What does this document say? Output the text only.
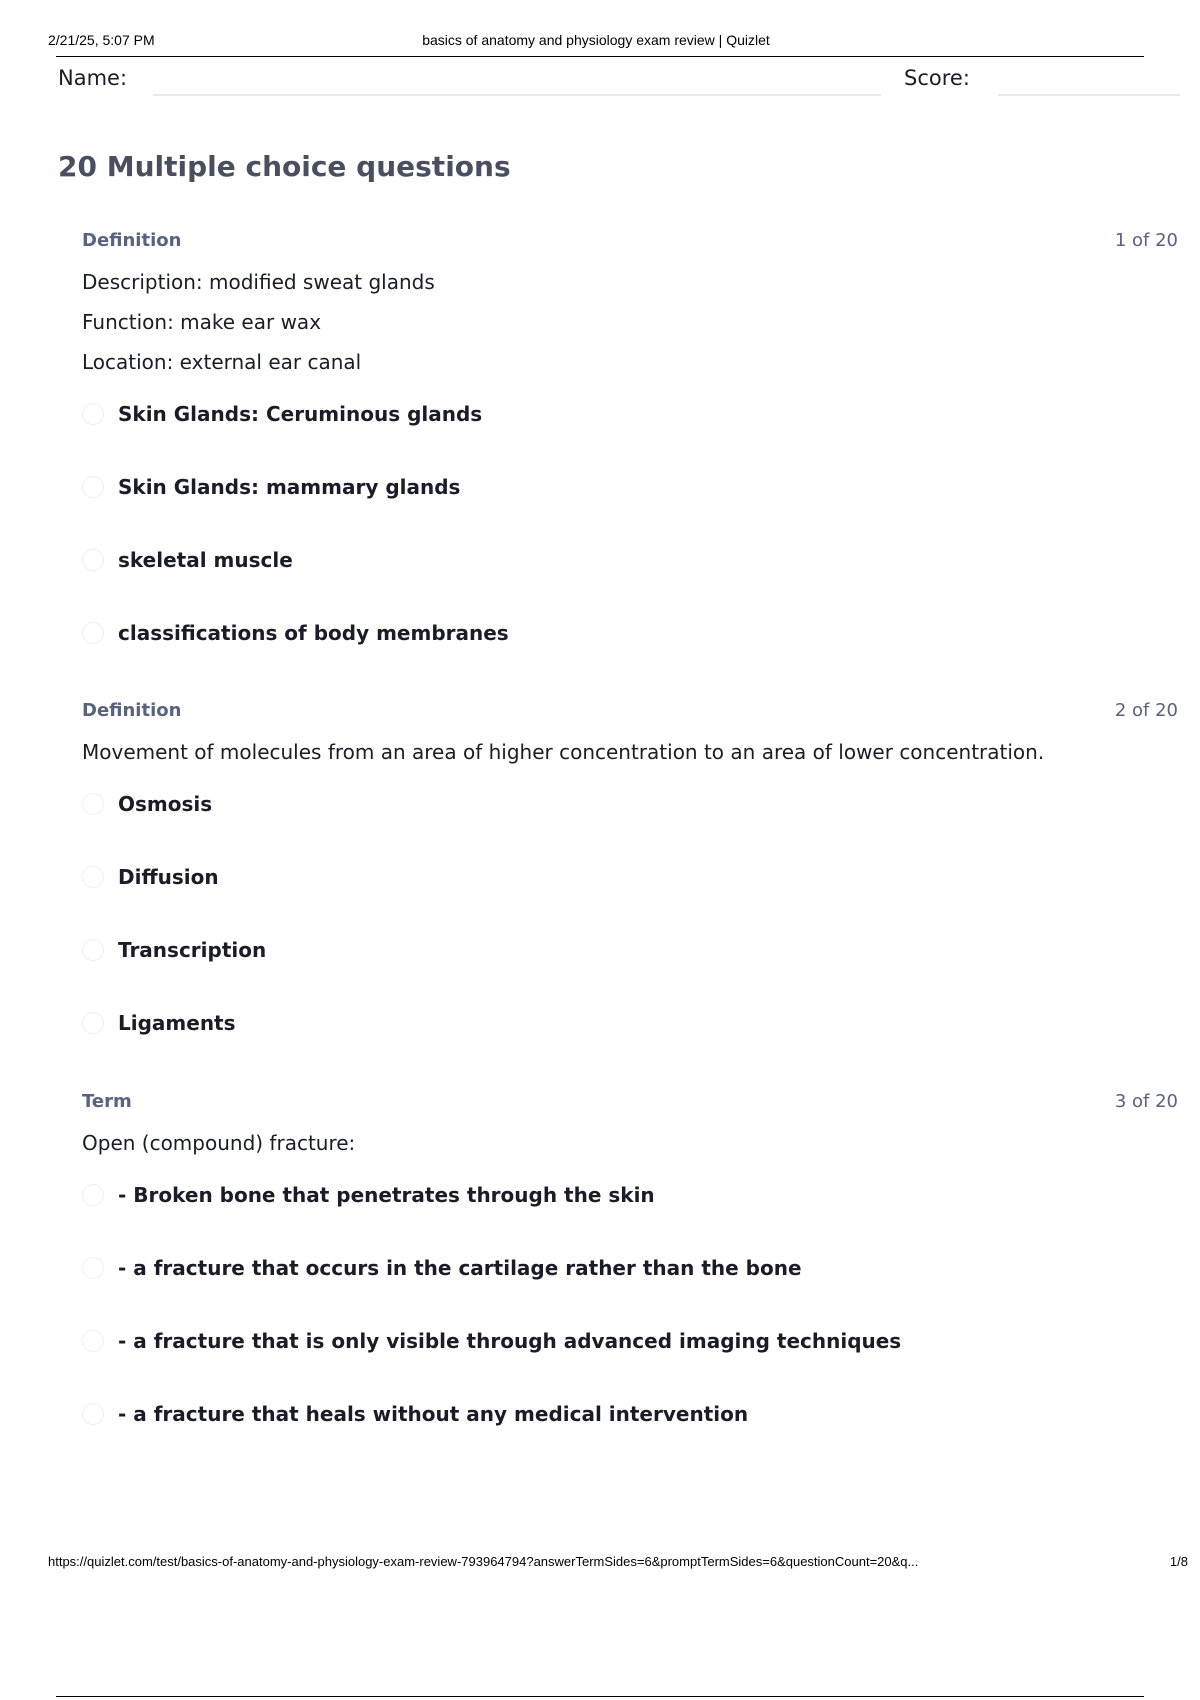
2/21/25, 5:07 PM	basics of anatomy and physiology exam review | Quizlet
Name:	Score:
20 Multiple choice questions
Definition	1 of 20
Description: modified sweat glands
Function: make ear wax
Location: external ear canal
Skin Glands: Ceruminous glands
Skin Glands: mammary glands
skeletal muscle
classifications of body membranes
Definition	2 of 20
Movement of molecules from an area of higher concentration to an area of lower concentration.
Osmosis
Diffusion
Transcription
Ligaments
Term	3 of 20
Open (compound) fracture:
- Broken bone that penetrates through the skin
- a fracture that occurs in the cartilage rather than the bone
- a fracture that is only visible through advanced imaging techniques
- a fracture that heals without any medical intervention
https://quizlet.com/test/basics-of-anatomy-and-physiology-exam-review-793964794?answerTermSides=6&promptTermSides=6&questionCount=20&q...	1/8
